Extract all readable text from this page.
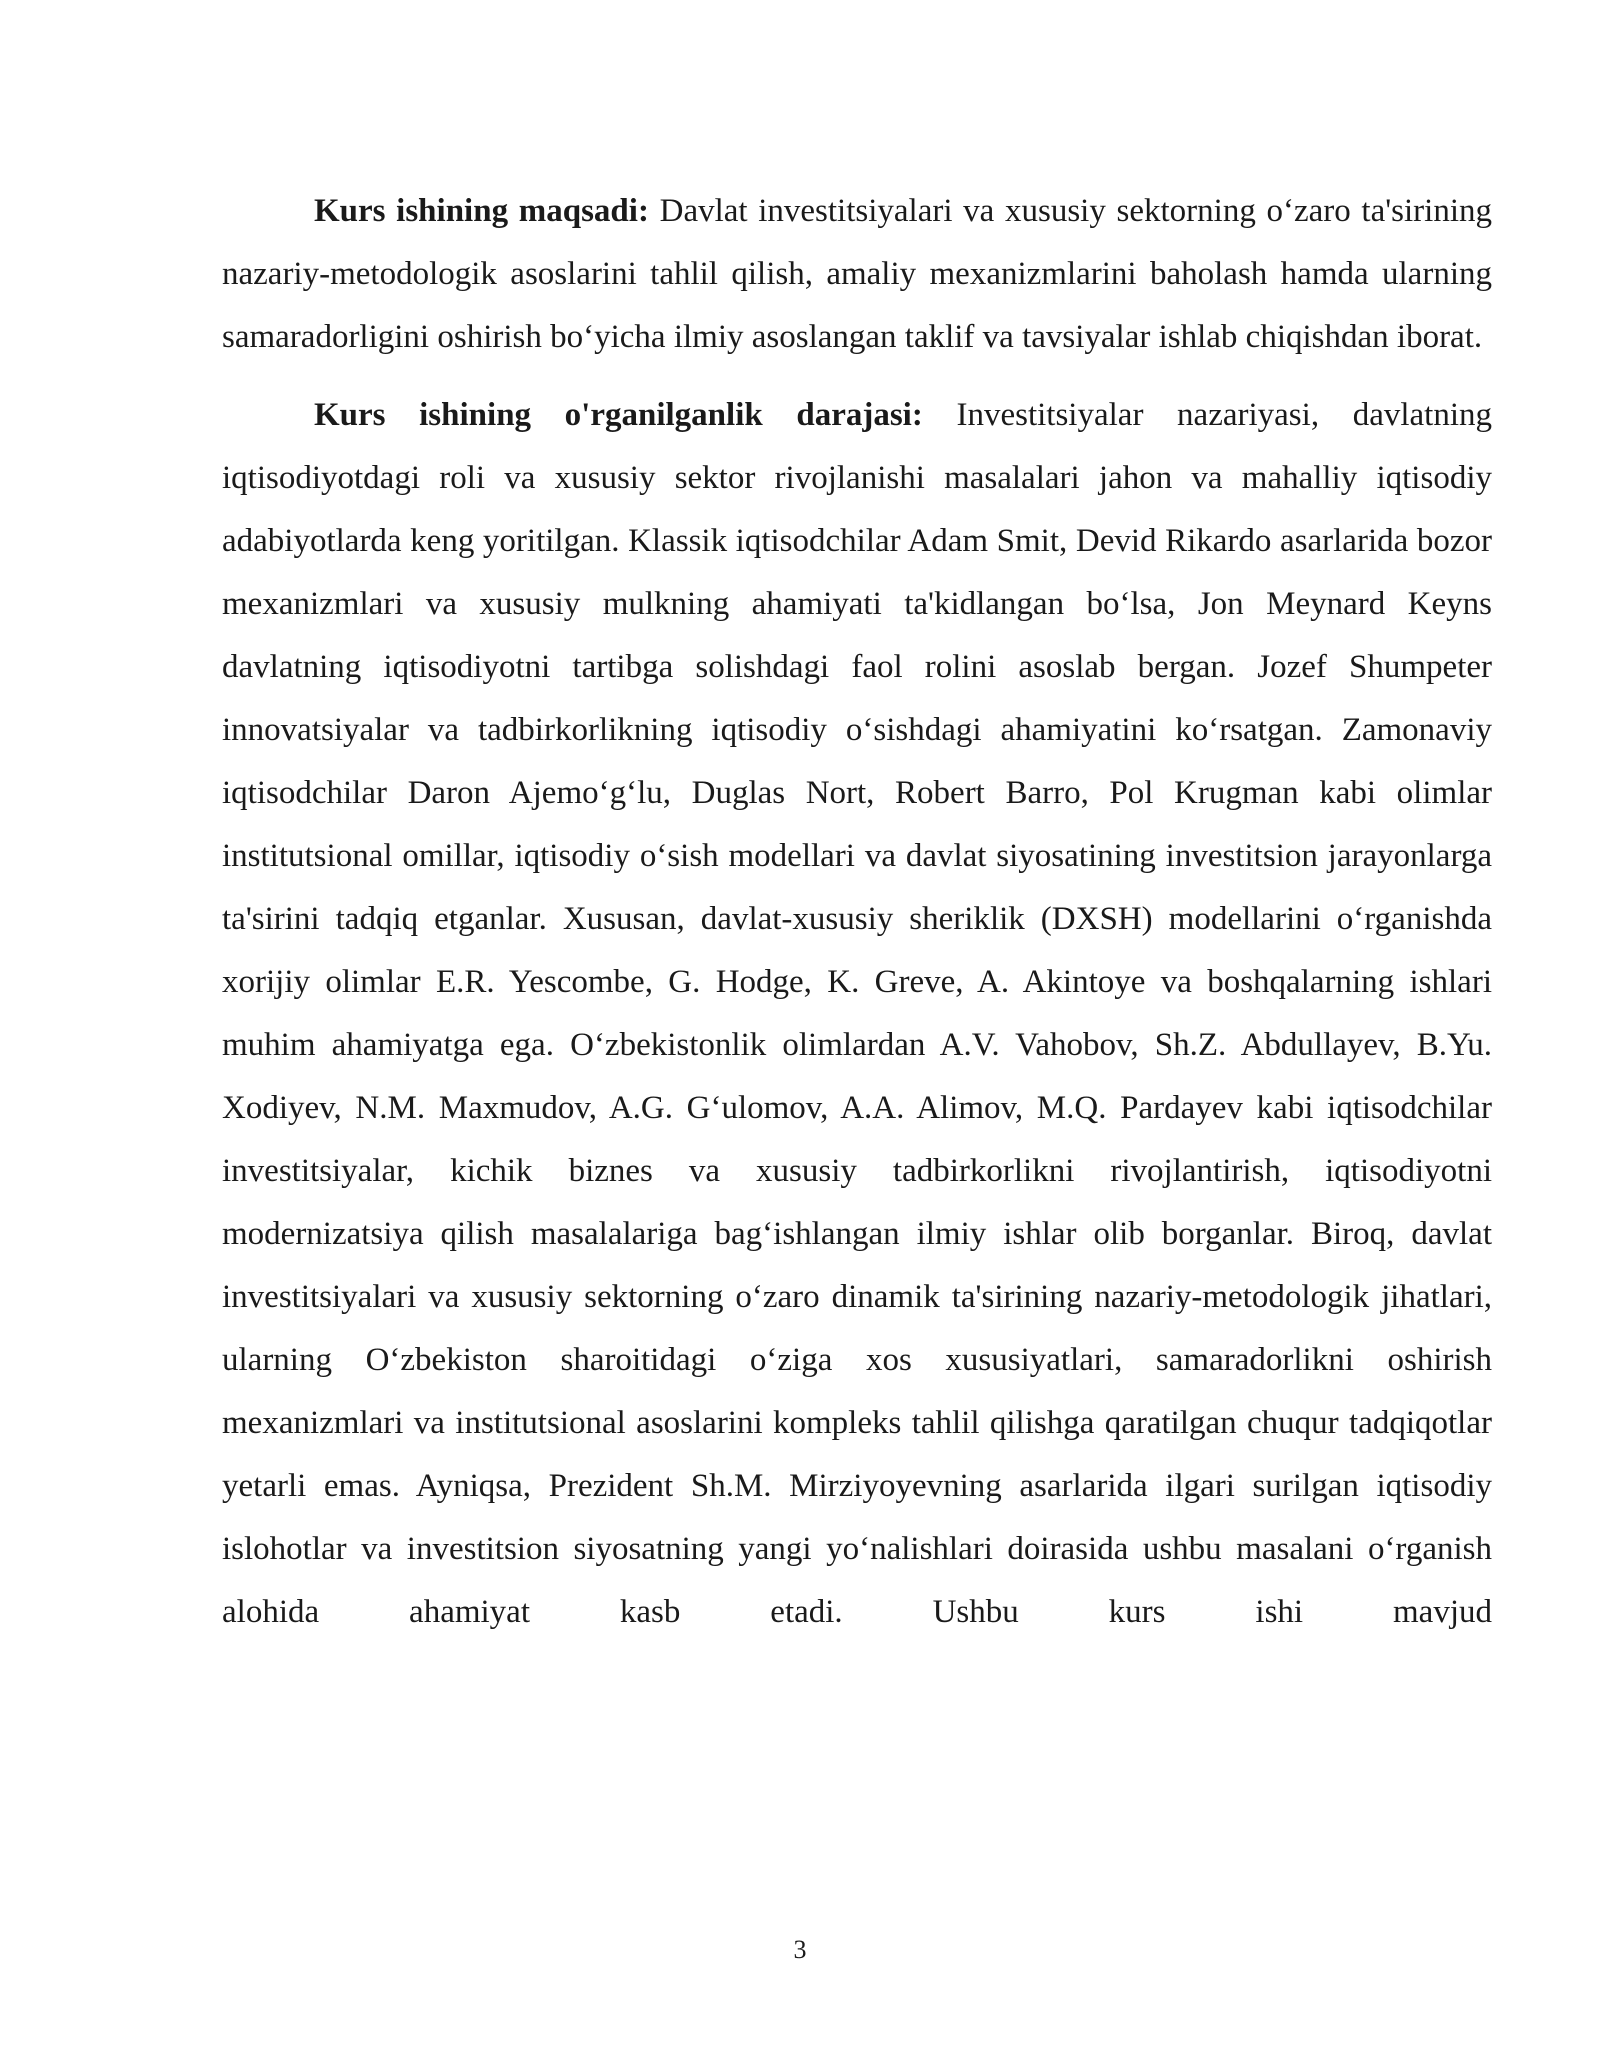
Kurs ishining maqsadi: Davlat investitsiyalari va xususiy sektorning o‘zaro ta'sirining nazariy-metodologik asoslarini tahlil qilish, amaliy mexanizmlarini baholash hamda ularning samaradorligini oshirish bo‘yicha ilmiy asoslangan taklif va tavsiyalar ishlab chiqishdan iborat.

Kurs ishining o'rganilganlik darajasi: Investitsiyalar nazariyasi, davlatning iqtisodiyotdagi roli va xususiy sektor rivojlanishi masalalari jahon va mahalliy iqtisodiy adabiyotlarda keng yoritilgan. Klassik iqtisodchilar Adam Smit, Devid Rikardo asarlarida bozor mexanizmlari va xususiy mulkning ahamiyati ta'kidlangan bo‘lsa, Jon Meynard Keyns davlatning iqtisodiyotni tartibga solishdagi faol rolini asoslab bergan. Jozef Shumpeter innovatsiyalar va tadbirkorlikning iqtisodiy o‘sishdagi ahamiyatini ko‘rsatgan. Zamonaviy iqtisodchilar Daron Ajemo‘g‘lu, Duglas Nort, Robert Barro, Pol Krugman kabi olimlar institutsional omillar, iqtisodiy o‘sish modellari va davlat siyosatining investitsion jarayonlarga ta'sirini tadqiq etganlar. Xususan, davlat-xususiy sheriklik (DXSH) modellarini o‘rganishda xorijiy olimlar E.R. Yescombe, G. Hodge, K. Greve, A. Akintoye va boshqalarning ishlari muhim ahamiyatga ega. O‘zbekistonlik olimlardan A.V. Vahobov, Sh.Z. Abdullayev, B.Yu. Xodiyev, N.M. Maxmudov, A.G. G‘ulomov, A.A. Alimov, M.Q. Pardayev kabi iqtisodchilar investitsiyalar, kichik biznes va xususiy tadbirkorlikni rivojlantirish, iqtisodiyotni modernizatsiya qilish masalalariga bag‘ishlangan ilmiy ishlar olib borganlar. Biroq, davlat investitsiyalari va xususiy sektorning o‘zaro dinamik ta'sirining nazariy-metodologik jihatlari, ularning O‘zbekiston sharoitidagi o‘ziga xos xususiyatlari, samaradorlikni oshirish mexanizmlari va institutsional asoslarini kompleks tahlil qilishga qaratilgan chuqur tadqiqotlar yetarli emas. Ayniqsa, Prezident Sh.M. Mirziyoyevning asarlarida ilgari surilgan iqtisodiy islohotlar va investitsion siyosatning yangi yo‘nalishlari doirasida ushbu masalani o‘rganish alohida ahamiyat kasb etadi. Ushbu kurs ishi mavjud

3
